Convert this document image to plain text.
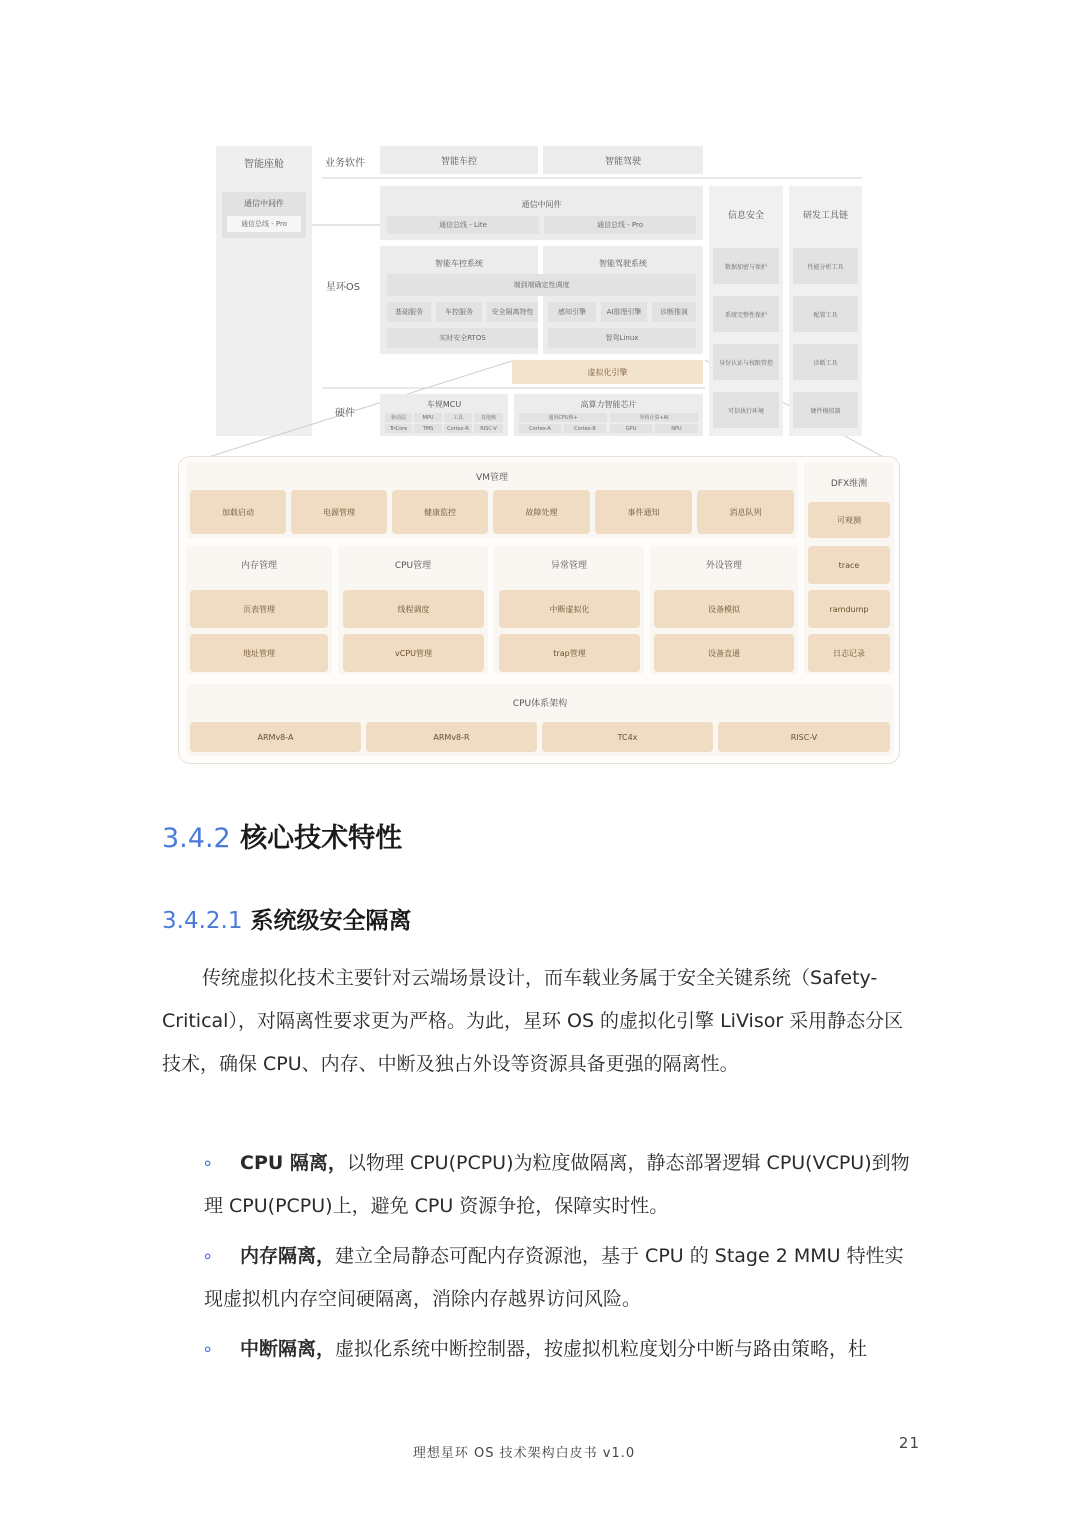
智能座舱
通信中间件
通信总线 - Pro
业务软件
星环OS
硬件
智能车控	智能驾驶
通信中间件
通信总线 - Lite	通信总线 - Pro
智能车控系统	智能驾驶系统
端到端确定性调度
基础服务	车控服务	安全隔离特性	感知引擎	AI推理引擎	诊断推演
实时安全RTOS	智驾Linux
虚拟化引擎
车规MCU
驱动层	MPU	工具	其他核
TriCore	TMS	Cortex-R	RISC-V
高算力智能芯片
通用CPU核+	异构计算+AI
Cortex-A	Cortex-R	GPU	NPU
信息安全
数据加密与保护
系统完整性保护
身份认证与权限管控
可信执行环境
研发工具链
性能分析工具
配置工具
诊断工具
硬件模拟器
VM管理
加载启动	电源管理	健康监控	故障处理	事件通知	消息队列
DFX维测
可观测
trace
ramdump
日志记录
内存管理
页表管理
地址管理
CPU管理
线程调度
vCPU管理
异常管理
中断虚拟化
trap管理
外设管理
设备模拟
设备直通
CPU体系架构
ARMv8-A	ARMv8-R	TC4x	RISC-V
3.4.2 核心技术特性
3.4.2.1 系统级安全隔离
传统虚拟化技术主要针对云端场景设计，而车载业务属于安全关键系统（Safety-Critical），对隔离性要求更为严格。为此，星环 OS 的虚拟化引擎 LiVisor 采用静态分区技术，确保 CPU、内存、中断及独占外设等资源具备更强的隔离性。
∘ CPU 隔离，以物理 CPU(PCPU)为粒度做隔离，静态部署逻辑 CPU(VCPU)到物理 CPU(PCPU)上，避免 CPU 资源争抢，保障实时性。
∘ 内存隔离，建立全局静态可配内存资源池，基于 CPU 的 Stage 2 MMU 特性实现虚拟机内存空间硬隔离，消除内存越界访问风险。
∘ 中断隔离，虚拟化系统中断控制器，按虚拟机粒度划分中断与路由策略，杜
理想星环 OS 技术架构白皮书 v1.0
21
